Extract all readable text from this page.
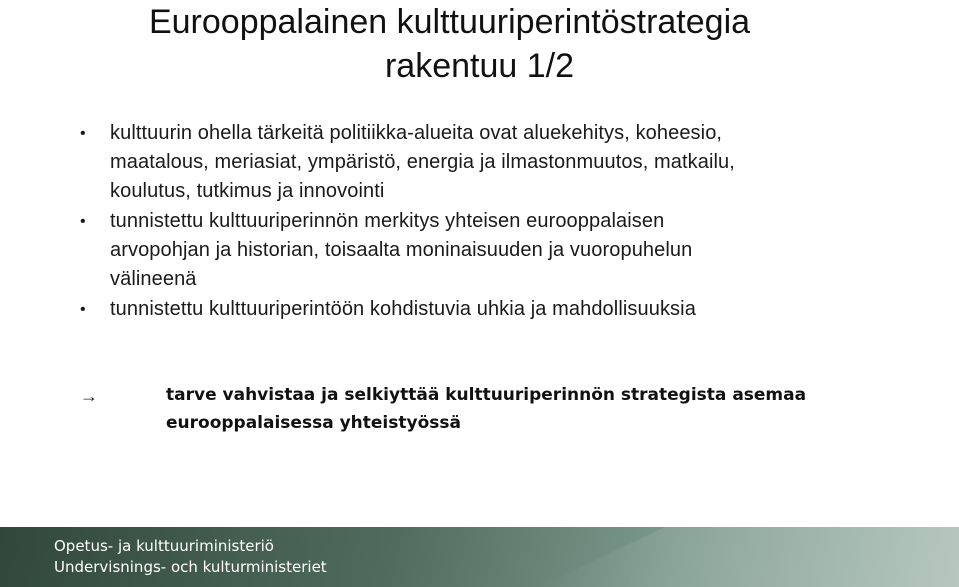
Eurooppalainen kulttuuriperintöstrategia
rakentuu 1/2
• kulttuurin ohella tärkeitä politiikka-alueita ovat aluekehitys, koheesio,
maatalous, meriasiat, ympäristö, energia ja ilmastonmuutos, matkailu,
koulutus, tutkimus ja innovointi
• tunnistettu kulttuuriperinnön merkitys yhteisen eurooppalaisen
arvopohjan ja historian, toisaalta moninaisuuden ja vuoropuhelun
välineenä
• tunnistettu kulttuuriperintöön kohdistuvia uhkia ja mahdollisuuksia
→	tarve vahvistaa ja selkiyttää kulttuuriperinnön strategista asemaa
eurooppalaisessa yhteistyössä
Opetus- ja kulttuuriministeriö
Undervisnings- och kulturministeriet
